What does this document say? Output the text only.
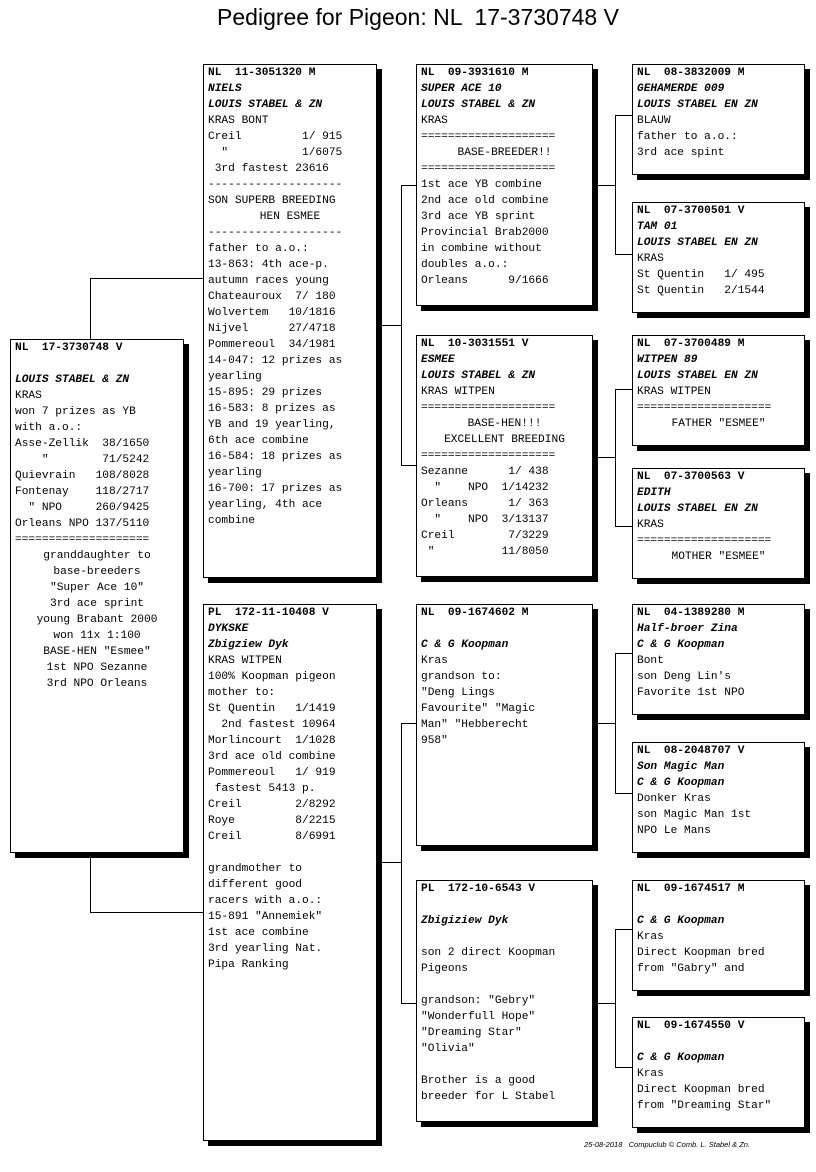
Pedigree for Pigeon: NL  17-3730748 V
NL  17-3730748 V
LOUIS STABEL & ZN
KRAS
won 7 prizes as YB
with a.o.:
Asse-Zellik  38/1650
"        71/5242
Quievrain   108/8028
Fontenay    118/2717
" NPO     260/9425
Orleans NPO 137/5110
====================
granddaughter to
base-breeders
"Super Ace 10"
3rd ace sprint
young Brabant 2000
won 11x 1:100
BASE-HEN "Esmee"
1st NPO Sezanne
3rd NPO Orleans
NL  11-3051320 M
NIELS
LOUIS STABEL & ZN
KRAS BONT
Creil         1/ 915
"           1/6075
3rd fastest 23616
--------------------
SON SUPERB BREEDING
HEN ESMEE
--------------------
father to a.o.:
13-863: 4th ace-p.
autumn races young
Chateauroux  7/ 180
Wolvertem   10/1816
Nijvel      27/4718
Pommereoul  34/1981
14-047: 12 prizes as
yearling
15-895: 29 prizes
16-583: 8 prizes as
YB and 19 yearling,
6th ace combine
16-584: 18 prizes as
yearling
16-700: 17 prizes as
yearling, 4th ace
combine
PL  172-11-10408 V
DYKSKE
Zbigziew Dyk
KRAS WITPEN
100% Koopman pigeon
mother to:
St Quentin   1/1419
2nd fastest 10964
Morlincourt  1/1028
3rd ace old combine
Pommereoul   1/ 919
fastest 5413 p.
Creil        2/8292
Roye         8/2215
Creil        8/6991
grandmother to
different good
racers with a.o.:
15-891 "Annemiek"
1st ace combine
3rd yearling Nat.
Pipa Ranking
NL  09-3931610 M
SUPER ACE 10
LOUIS STABEL & ZN
KRAS
====================
BASE-BREEDER!!
====================
1st ace YB combine
2nd ace old combine
3rd ace YB sprint
Provincial Brab2000
in combine without
doubles a.o.:
Orleans      9/1666
NL  10-3031551 V
ESMEE
LOUIS STABEL & ZN
KRAS WITPEN
====================
BASE-HEN!!!
EXCELLENT BREEDING
====================
Sezanne      1/ 438
"    NPO  1/14232
Orleans      1/ 363
"    NPO  3/13137
Creil        7/3229
"          11/8050
NL  09-1674602 M
C & G Koopman
Kras
grandson to:
"Deng Lings
Favourite" "Magic
Man" "Hebberecht
958"
PL  172-10-6543 V
Zbigiziew Dyk
son 2 direct Koopman
Pigeons
grandson: "Gebry"
"Wonderfull Hope"
"Dreaming Star"
"Olivia"
Brother is a good
breeder for L Stabel
NL  08-3832009 M
GEHAMERDE 009
LOUIS STABEL EN ZN
BLAUW
father to a.o.:
3rd ace spint
NL  07-3700501 V
TAM 01
LOUIS STABEL EN ZN
KRAS
St Quentin   1/ 495
St Quentin   2/1544
NL  07-3700489 M
WITPEN 89
LOUIS STABEL EN ZN
KRAS WITPEN
====================
FATHER "ESMEE"
NL  07-3700563 V
EDITH
LOUIS STABEL EN ZN
KRAS
====================
MOTHER "ESMEE"
NL  04-1389280 M
Half-broer Zina
C & G Koopman
Bont
son Deng Lin's
Favorite 1st NPO
NL  08-2048707 V
Son Magic Man
C & G Koopman
Donker Kras
son Magic Man 1st
NPO Le Mans
NL  09-1674517 M
C & G Koopman
Kras
Direct Koopman bred
from "Gabry" and
NL  09-1674550 V
C & G Koopman
Kras
Direct Koopman bred
from "Dreaming Star"
25-08-2018   Compuclub © Comb. L. Stabel & Zn.
